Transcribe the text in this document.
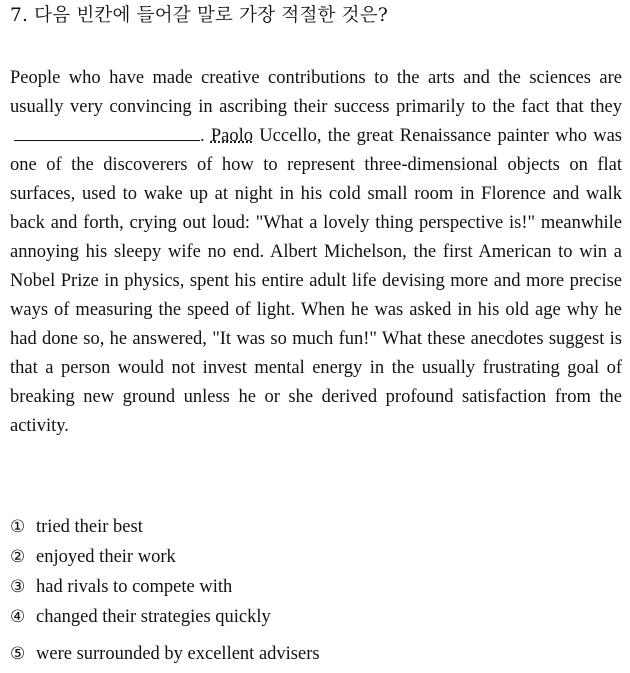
7. 다음 빈칸에 들어갈 말로 가장 적절한 것은?

People who have made creative contributions to the arts and the sciences are usually very convincing in ascribing their success primarily to the fact that they . Paolo Uccello, the great Renaissance painter who was one of the discoverers of how to represent three-dimensional objects on flat surfaces, used to wake up at night in his cold small room in Florence and walk back and forth, crying out loud: "What a lovely thing perspective is!" meanwhile annoying his sleepy wife no end. Albert Michelson, the first American to win a Nobel Prize in physics, spent his entire adult life devising more and more precise ways of measuring the speed of light. When he was asked in his old age why he had done so, he answered, "It was so much fun!" What these anecdotes suggest is that a person would not invest mental energy in the usually frustrating goal of breaking new ground unless he or she derived profound satisfaction from the activity.

① tried their best
② enjoyed their work
③ had rivals to compete with
④ changed their strategies quickly
⑤ were surrounded by excellent advisers
